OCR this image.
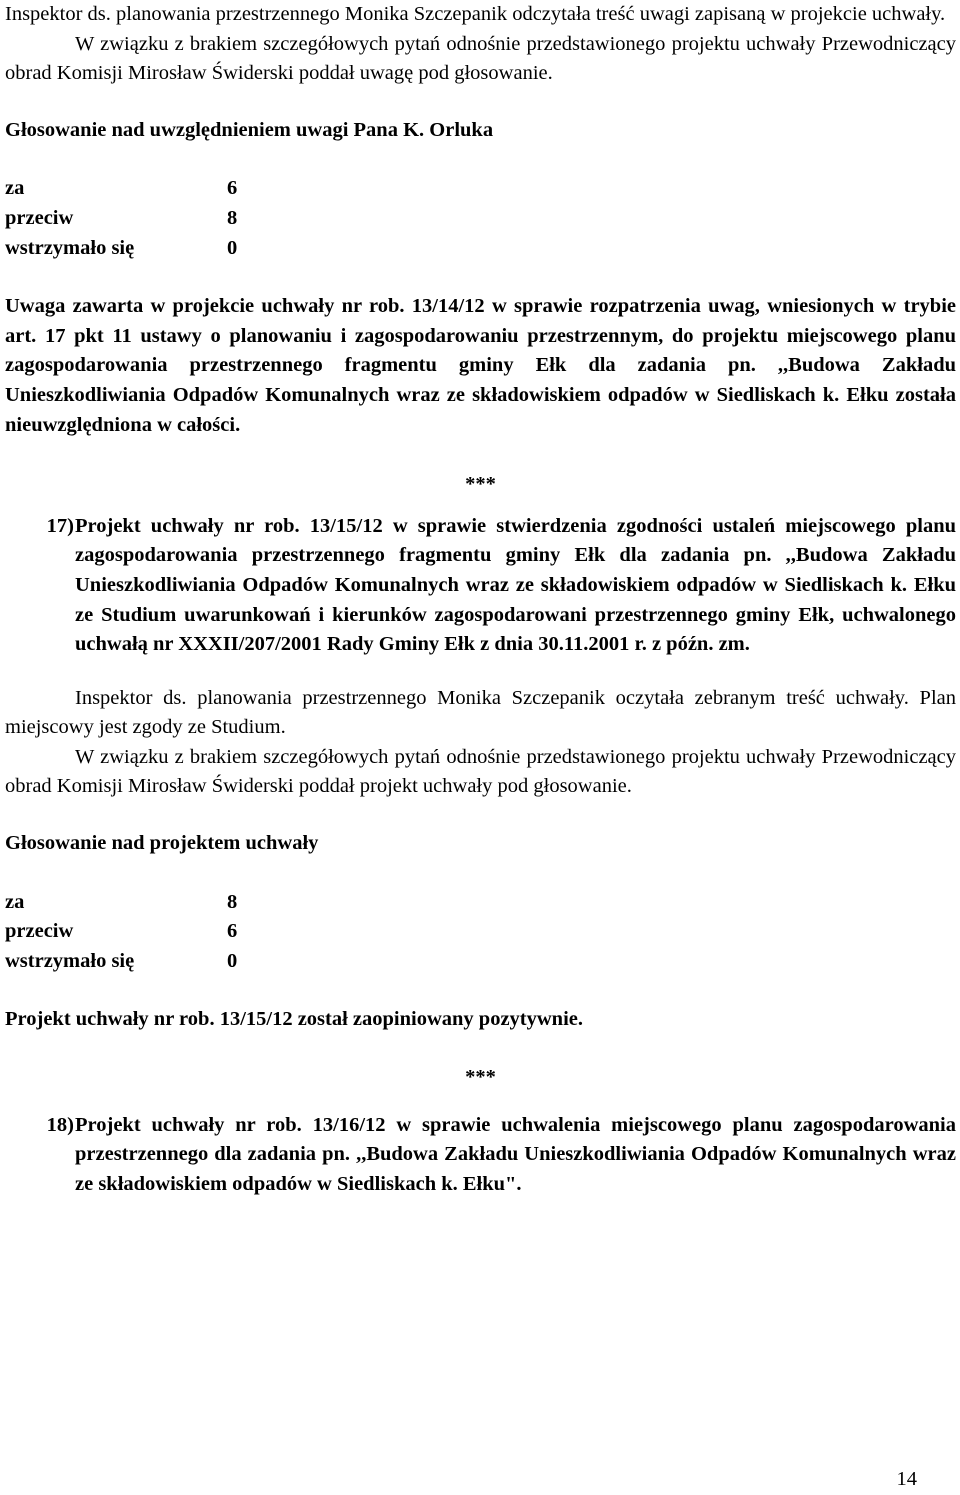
Inspektor ds. planowania przestrzennego Monika Szczepanik odczytała treść uwagi zapisaną w projekcie uchwały.

W związku z brakiem szczegółowych pytań odnośnie przedstawionego projektu uchwały Przewodniczący obrad Komisji Mirosław Świderski poddał uwagę pod głosowanie.

Głosowanie nad uwzględnieniem uwagi Pana K. Orluka

za	6
przeciw	8
wstrzymało się	0

Uwaga zawarta w projekcie uchwały nr rob. 13/14/12 w sprawie rozpatrzenia uwag, wniesionych w trybie art. 17 pkt 11 ustawy o planowaniu i zagospodarowaniu przestrzennym, do projektu miejscowego planu zagospodarowania przestrzennego fragmentu gminy Ełk dla zadania pn. ,,Budowa Zakładu Unieszkodliwiania Odpadów Komunalnych wraz ze składowiskiem odpadów w Siedliskach k. Ełku została nieuwzględniona w całości.

***

17) Projekt uchwały nr rob. 13/15/12 w sprawie stwierdzenia zgodności ustaleń miejscowego planu zagospodarowania przestrzennego fragmentu gminy Ełk dla zadania pn. ,,Budowa Zakładu Unieszkodliwiania Odpadów Komunalnych wraz ze składowiskiem odpadów w Siedliskach k. Ełku ze Studium uwarunkowań i kierunków zagospodarowani przestrzennego gminy Ełk, uchwalonego uchwałą nr XXXII/207/2001 Rady Gminy Ełk z dnia 30.11.2001 r. z późn. zm.

Inspektor ds. planowania przestrzennego Monika Szczepanik oczytała zebranym treść uchwały. Plan miejscowy jest zgody ze Studium.

W związku z brakiem szczegółowych pytań odnośnie przedstawionego projektu uchwały Przewodniczący obrad Komisji Mirosław Świderski poddał projekt uchwały pod głosowanie.

Głosowanie nad projektem uchwały

za	8
przeciw	6
wstrzymało się	0

Projekt uchwały nr rob. 13/15/12 został zaopiniowany pozytywnie.

***

18) Projekt uchwały nr rob. 13/16/12 w sprawie uchwalenia miejscowego planu zagospodarowania przestrzennego dla zadania pn. ,,Budowa Zakładu Unieszkodliwiania Odpadów Komunalnych wraz ze składowiskiem odpadów w Siedliskach k. Ełku".
14
